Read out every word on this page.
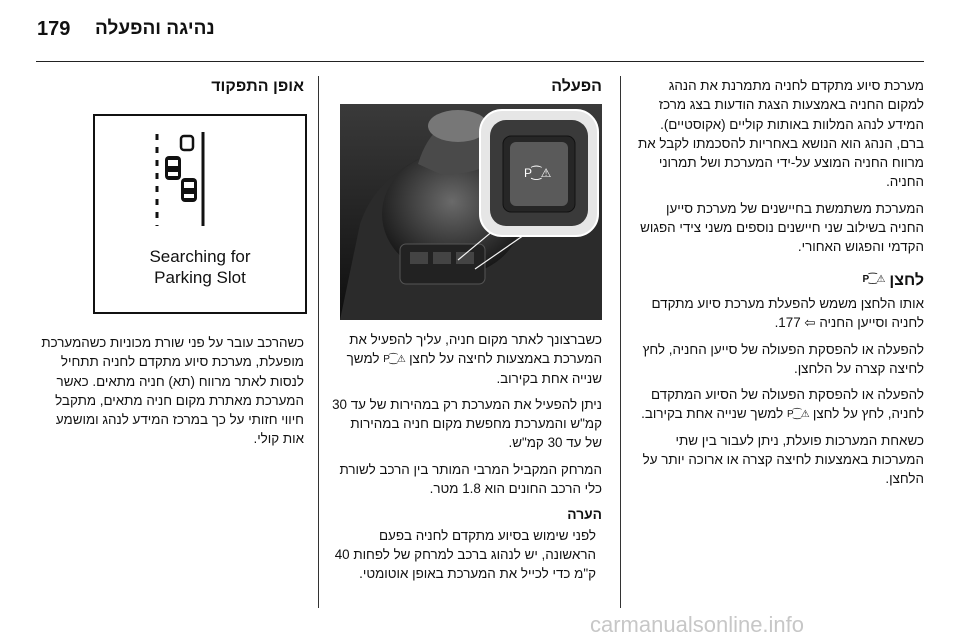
179 נהיגה והפעלה

מערכת סיוע מתקדם לחניה מתמרנת את הנהג למקום החניה באמצעות הצגת הודעות בצג מרכז המידע לנהג המלוות באותות קוליים (אקוסטיים). ברם, הנהג הוא הנושא באחריות להסכמתו לקבל את מרווח החניה המוצע על-ידי המערכת ושל תמרוני החניה.

המערכת משתמשת בחיישנים של מערכת סייען החניה בשילוב שני חיישנים נוספים משני צידי הפגוש הקדמי והפגוש האחורי.

לחצן P⁐⚠

אותו הלחצן משמש להפעלת מערכת סיוע מתקדם לחניה וסייען החניה 177 ⇦.

להפעלה או להפסקת הפעולה של סייען החניה, לחץ לחיצה קצרה על הלחצן.

להפעלה או להפסקת הפעולה של הסיוע המתקדם לחניה, לחץ על לחצן P⁐⚠ למשך שנייה אחת בקירוב.

כשאחת המערכות פועלת, ניתן לעבור בין שתי המערכות באמצעות לחיצה קצרה או ארוכה יותר על הלחצן.

הפעלה
P⁐⚠

כשברצונך לאתר מקום חניה, עליך להפעיל את המערכת באמצעות לחיצה על לחצן P⁐⚠ למשך שנייה אחת בקירוב.

ניתן להפעיל את המערכת רק במהירות של עד 30 קמ"ש והמערכת מחפשת מקום חניה במהירות של עד 30 קמ"ש.

המרחק המקביל המרבי המותר בין הרכב לשורת כלי הרכב החונים הוא 1.8 מטר.

הערה

לפני שימוש בסיוע מתקדם לחניה בפעם הראשונה, יש לנהוג ברכב למרחק של לפחות 40 ק"מ כדי לכייל את המערכת באופן אוטומטי.

אופן התפקוד
Searching for
Parking Slot

כשהרכב עובר על פני שורת מכוניות כשהמערכת מופעלת, מערכת סיוע מתקדם לחניה תתחיל לנסות לאתר מרווח (תא) חניה מתאים. כאשר המערכת מאתרת מקום חניה מתאים, מתקבל חיווי חזותי על כך במרכז המידע לנהג ומושמע אות קולי.

carmanualsonline.info
